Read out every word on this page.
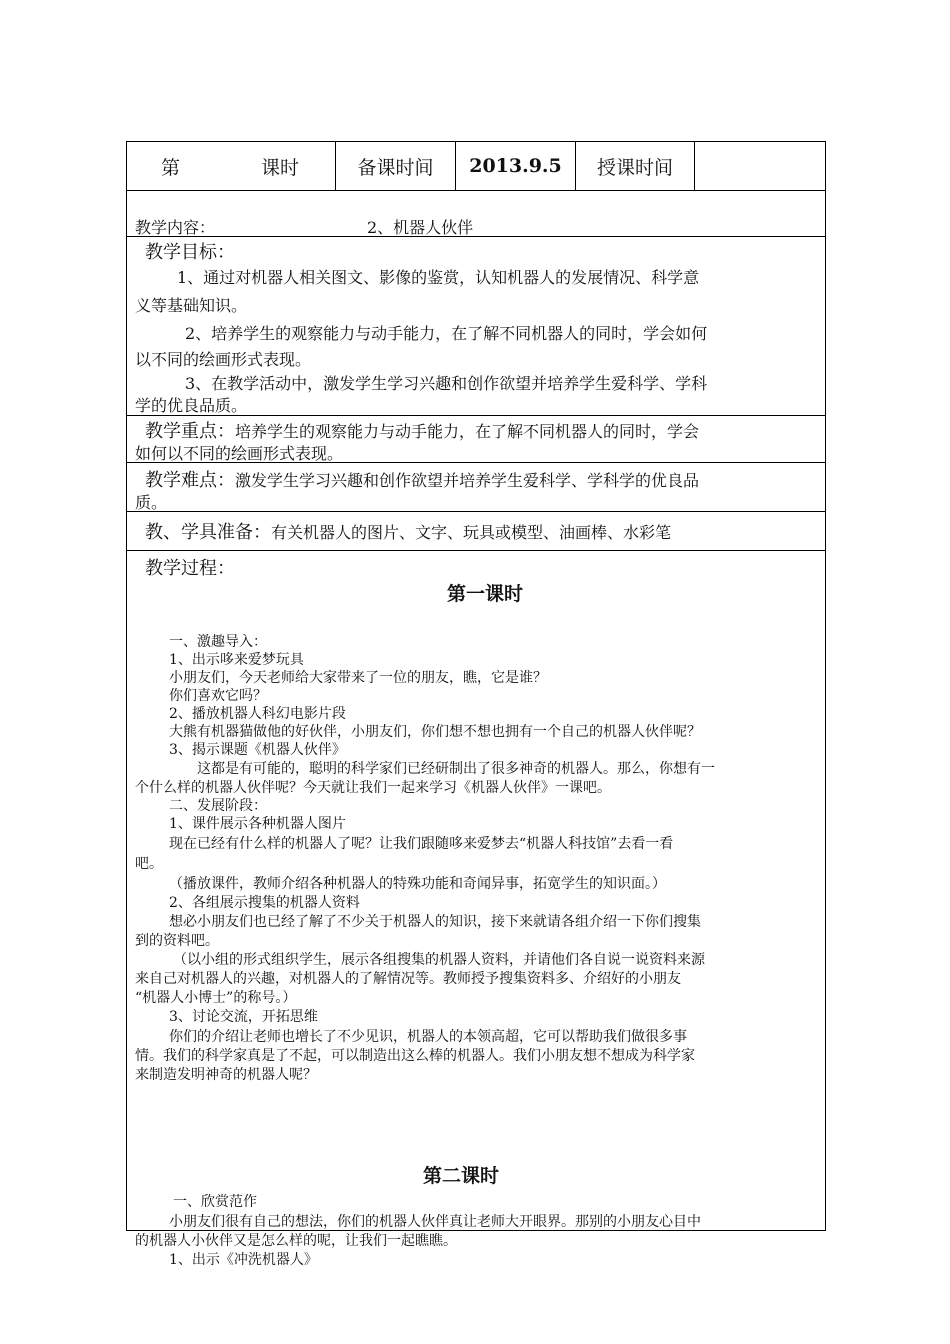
第	课时	备课时间 2013.9.5 授课时间
教学内容：	2、机器人伙伴
教学目标：
1、通过对机器人相关图文、影像的鉴赏，认知机器人的发展情况、科学意
义等基础知识。
2、培养学生的观察能力与动手能力，在了解不同机器人的同时，学会如何
以不同的绘画形式表现。
3、在教学活动中，激发学生学习兴趣和创作欲望并培养学生爱科学、学科
学的优良品质。
教学重点：培养学生的观察能力与动手能力，在了解不同机器人的同时，学会
如何以不同的绘画形式表现。
教学难点：激发学生学习兴趣和创作欲望并培养学生爱科学、学科学的优良品
质。
教、学具准备：有关机器人的图片、文字、玩具或模型、油画棒、水彩笔
教学过程：
第一课时
一、激趣导入：
1、出示哆来爱梦玩具
小朋友们，今天老师给大家带来了一位的朋友，瞧，它是谁？
你们喜欢它吗？
2、播放机器人科幻电影片段
大熊有机器猫做他的好伙伴，小朋友们，你们想不想也拥有一个自己的机器人伙伴呢？
3、揭示课题《机器人伙伴》
这都是有可能的，聪明的科学家们已经研制出了很多神奇的机器人。那么，你想有一
个什么样的机器人伙伴呢？今天就让我们一起来学习《机器人伙伴》一课吧。
二、发展阶段：
1、课件展示各种机器人图片
现在已经有什么样的机器人了呢？让我们跟随哆来爱梦去“机器人科技馆”去看一看
吧。
（播放课件，教师介绍各种机器人的特殊功能和奇闻异事，拓宽学生的知识面。）
2、各组展示搜集的机器人资料
想必小朋友们也已经了解了不少关于机器人的知识，接下来就请各组介绍一下你们搜集
到的资料吧。
（以小组的形式组织学生，展示各组搜集的机器人资料，并请他们各自说一说资料来源
来自己对机器人的兴趣，对机器人的了解情况等。教师授予搜集资料多、介绍好的小朋友
“机器人小博士”的称号。）
3、讨论交流，开拓思维
你们的介绍让老师也增长了不少见识，机器人的本领高超，它可以帮助我们做很多事
情。我们的科学家真是了不起，可以制造出这么棒的机器人。我们小朋友想不想成为科学家
来制造发明神奇的机器人呢？
第二课时
一、欣赏范作
小朋友们很有自己的想法，你们的机器人伙伴真让老师大开眼界。那别的小朋友心目中
的机器人小伙伴又是怎么样的呢，让我们一起瞧瞧。
1、出示《冲洗机器人》
